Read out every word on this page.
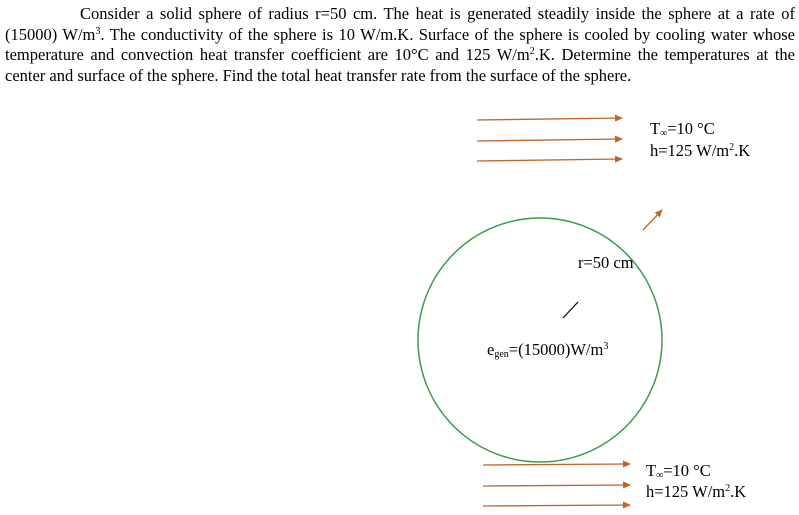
Consider a solid sphere of radius r=50 cm. The heat is generated steadily inside the sphere at a rate of (15000) $W/m^3$. The conductivity of the sphere is 10 W/m.K. Surface of the sphere is cooled by cooling water whose temperature and convection heat transfer coefficient are 10°C and 125 $W/m^2.K$. Determine the temperatures at the center and surface of the sphere. Find the total heat transfer rate from the surface of the sphere.

$T_\infty=10$ °C
h=125 $W/m^2.K$
r=50 cm
$e_{gen}=(15000)W/m^3$
$T_\infty=10$ °C
h=125 $W/m^2.K$
